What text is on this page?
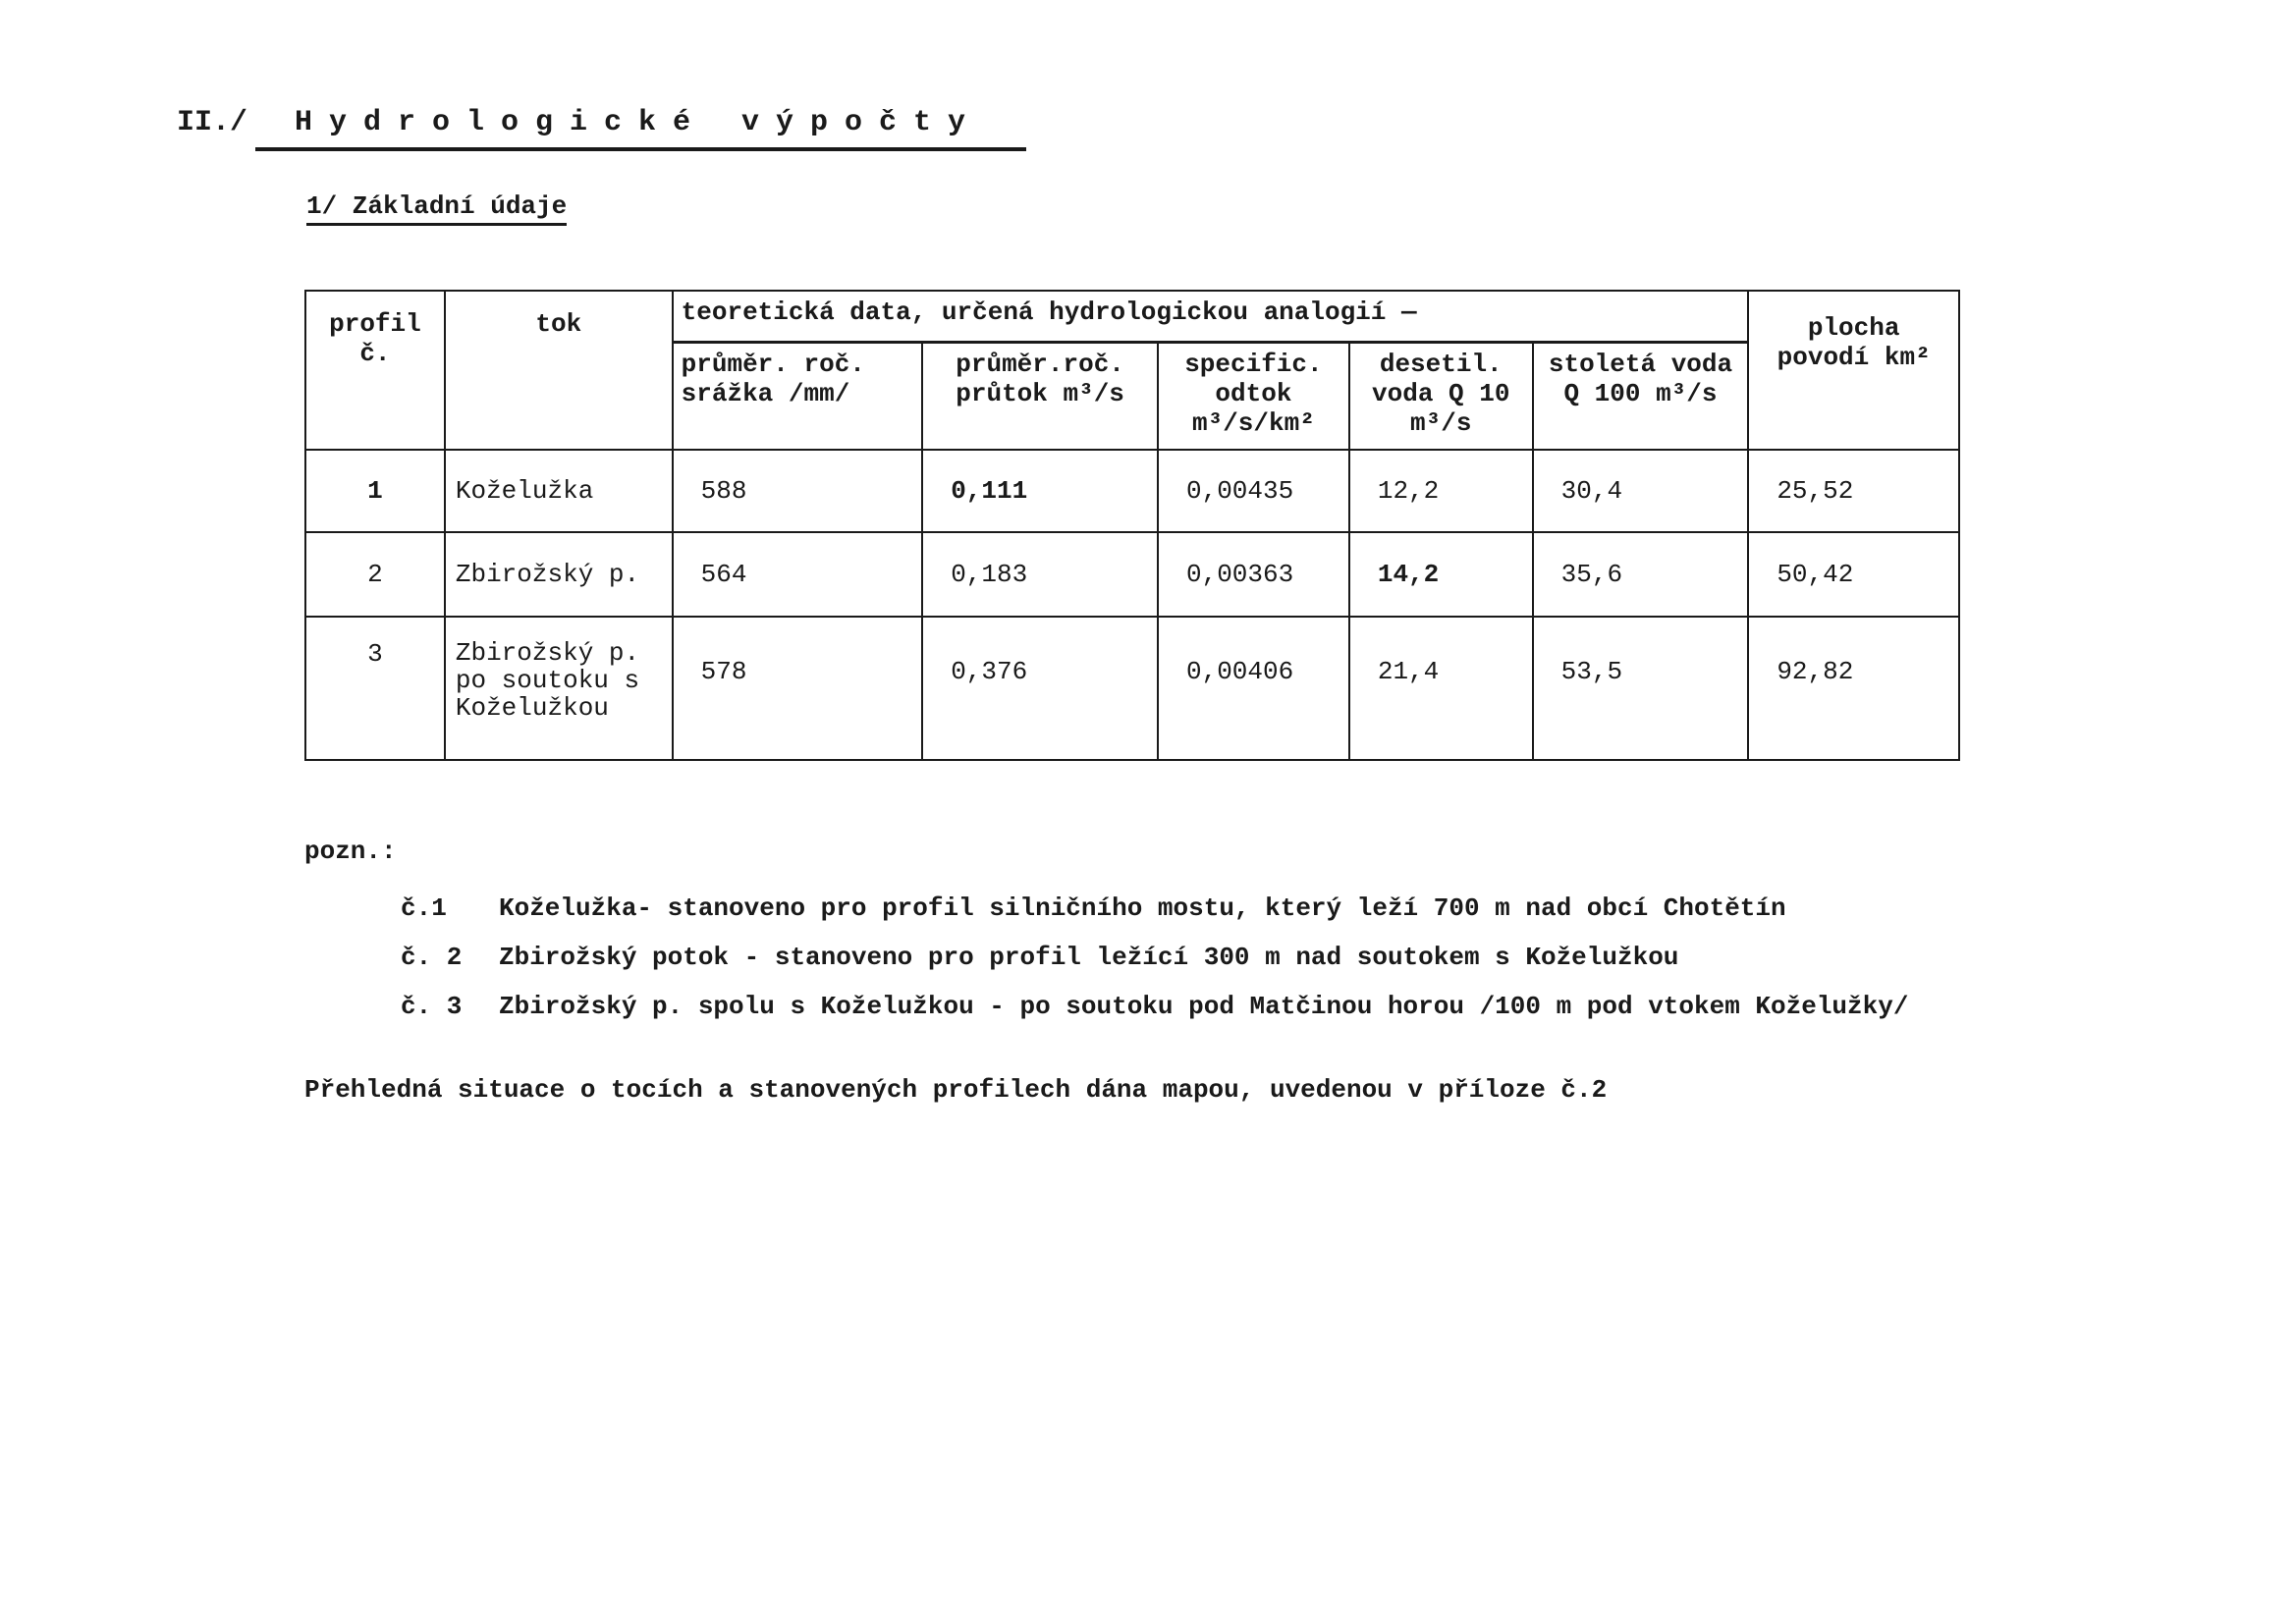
II./ Hydrologické výpočty
1/ Základní údaje
profil č.	tok	teoretická data, určená hydrologickou analogií —					plocha povodí km²
		průměr. roč. srážka /mm/	průměr.roč. průtok m³/s	specific. odtok m³/s/km²	desetil. voda Q 10 m³/s	stoletá voda Q 100 m³/s	
1	Koželužka	588	0,111	0,00435	12,2	30,4	25,52
2	Zbirožský p.	564	0,183	0,00363	14,2	35,6	50,42
3	Zbirožský p. po soutoku s Koželužkou	578	0,376	0,00406	21,4	53,5	92,82
pozn.:
č.1 Koželužka- stanoveno pro profil silničního mostu, který leží 700 m nad obcí Chotětín
č. 2 Zbirožský potok - stanoveno pro profil ležící 300 m nad soutokem s Koželužkou
č. 3 Zbirožský p. spolu s Koželužkou - po soutoku pod Matčinou horou /100 m pod vtokem Koželužky/
Přehledná situace o tocích a stanovených profilech dána mapou, uvedenou v příloze č.2
